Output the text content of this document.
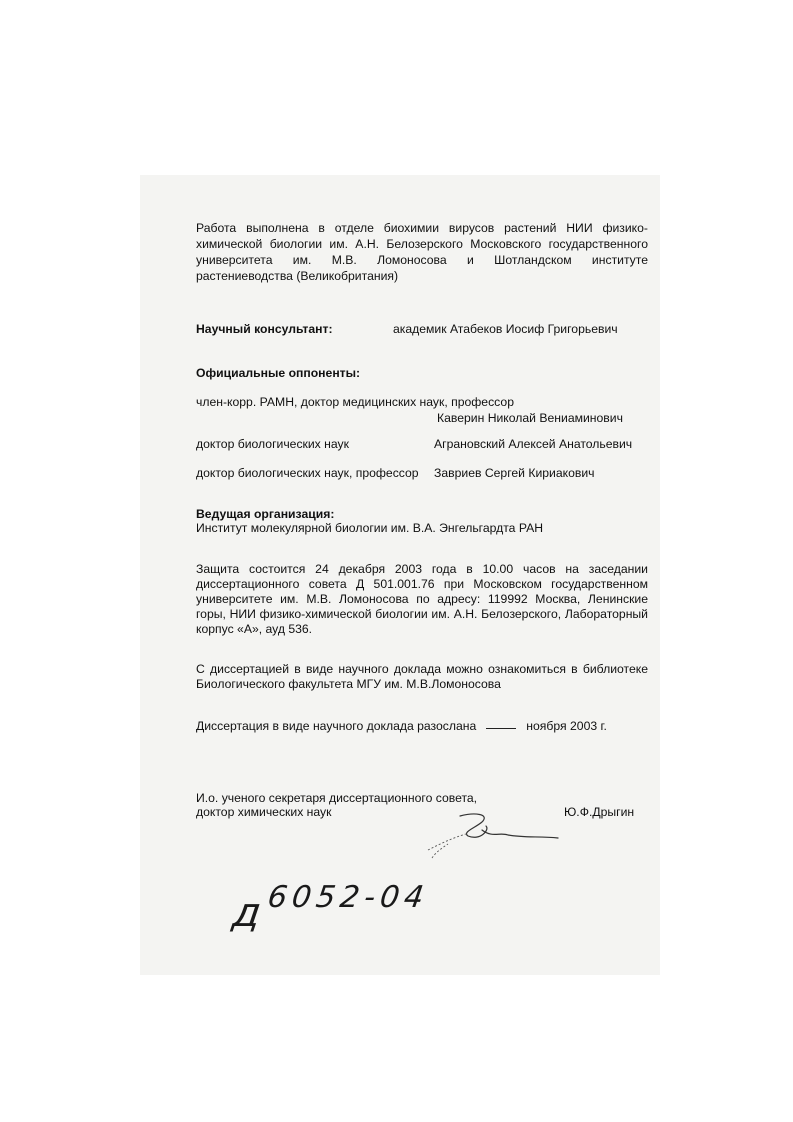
Работа выполнена в отделе биохимии вирусов растений НИИ физико-
химической биологии им. А.Н. Белозерского Московского государственного
университета им. М.В. Ломоносова и Шотландском институте
растениеводства (Великобритания)
Научный консультант:	академик Атабеков Иосиф Григорьевич
Официальные оппоненты:
член-корр. РАМН, доктор медицинских наук, профессор
Каверин Николай Вениаминович
доктор биологических наук	Аграновский Алексей Анатольевич
доктор биологических наук, профессор Завриев Сергей Кириакович
Ведущая организация:
Институт молекулярной биологии им. В.А. Энгельгардта РАН
Защита состоится 24 декабря 2003 года в 10.00 часов на заседании
диссертационного совета Д 501.001.76 при Московском государственном
университете им. М.В. Ломоносова по адресу: 119992 Москва, Ленинские
горы, НИИ физико-химической биологии им. А.Н. Белозерского, Лабораторный
корпус «А», ауд 536.
С диссертацией в виде научного доклада можно ознакомиться в библиотеке
Биологического факультета МГУ им. М.В.Ломоносова
Диссертация в виде научного доклада разослана	ноября 2003 г.
И.о. ученого секретаря диссертационного совета,
доктор химических наук	Ю.Ф.Дрыгин
д 6052-04
